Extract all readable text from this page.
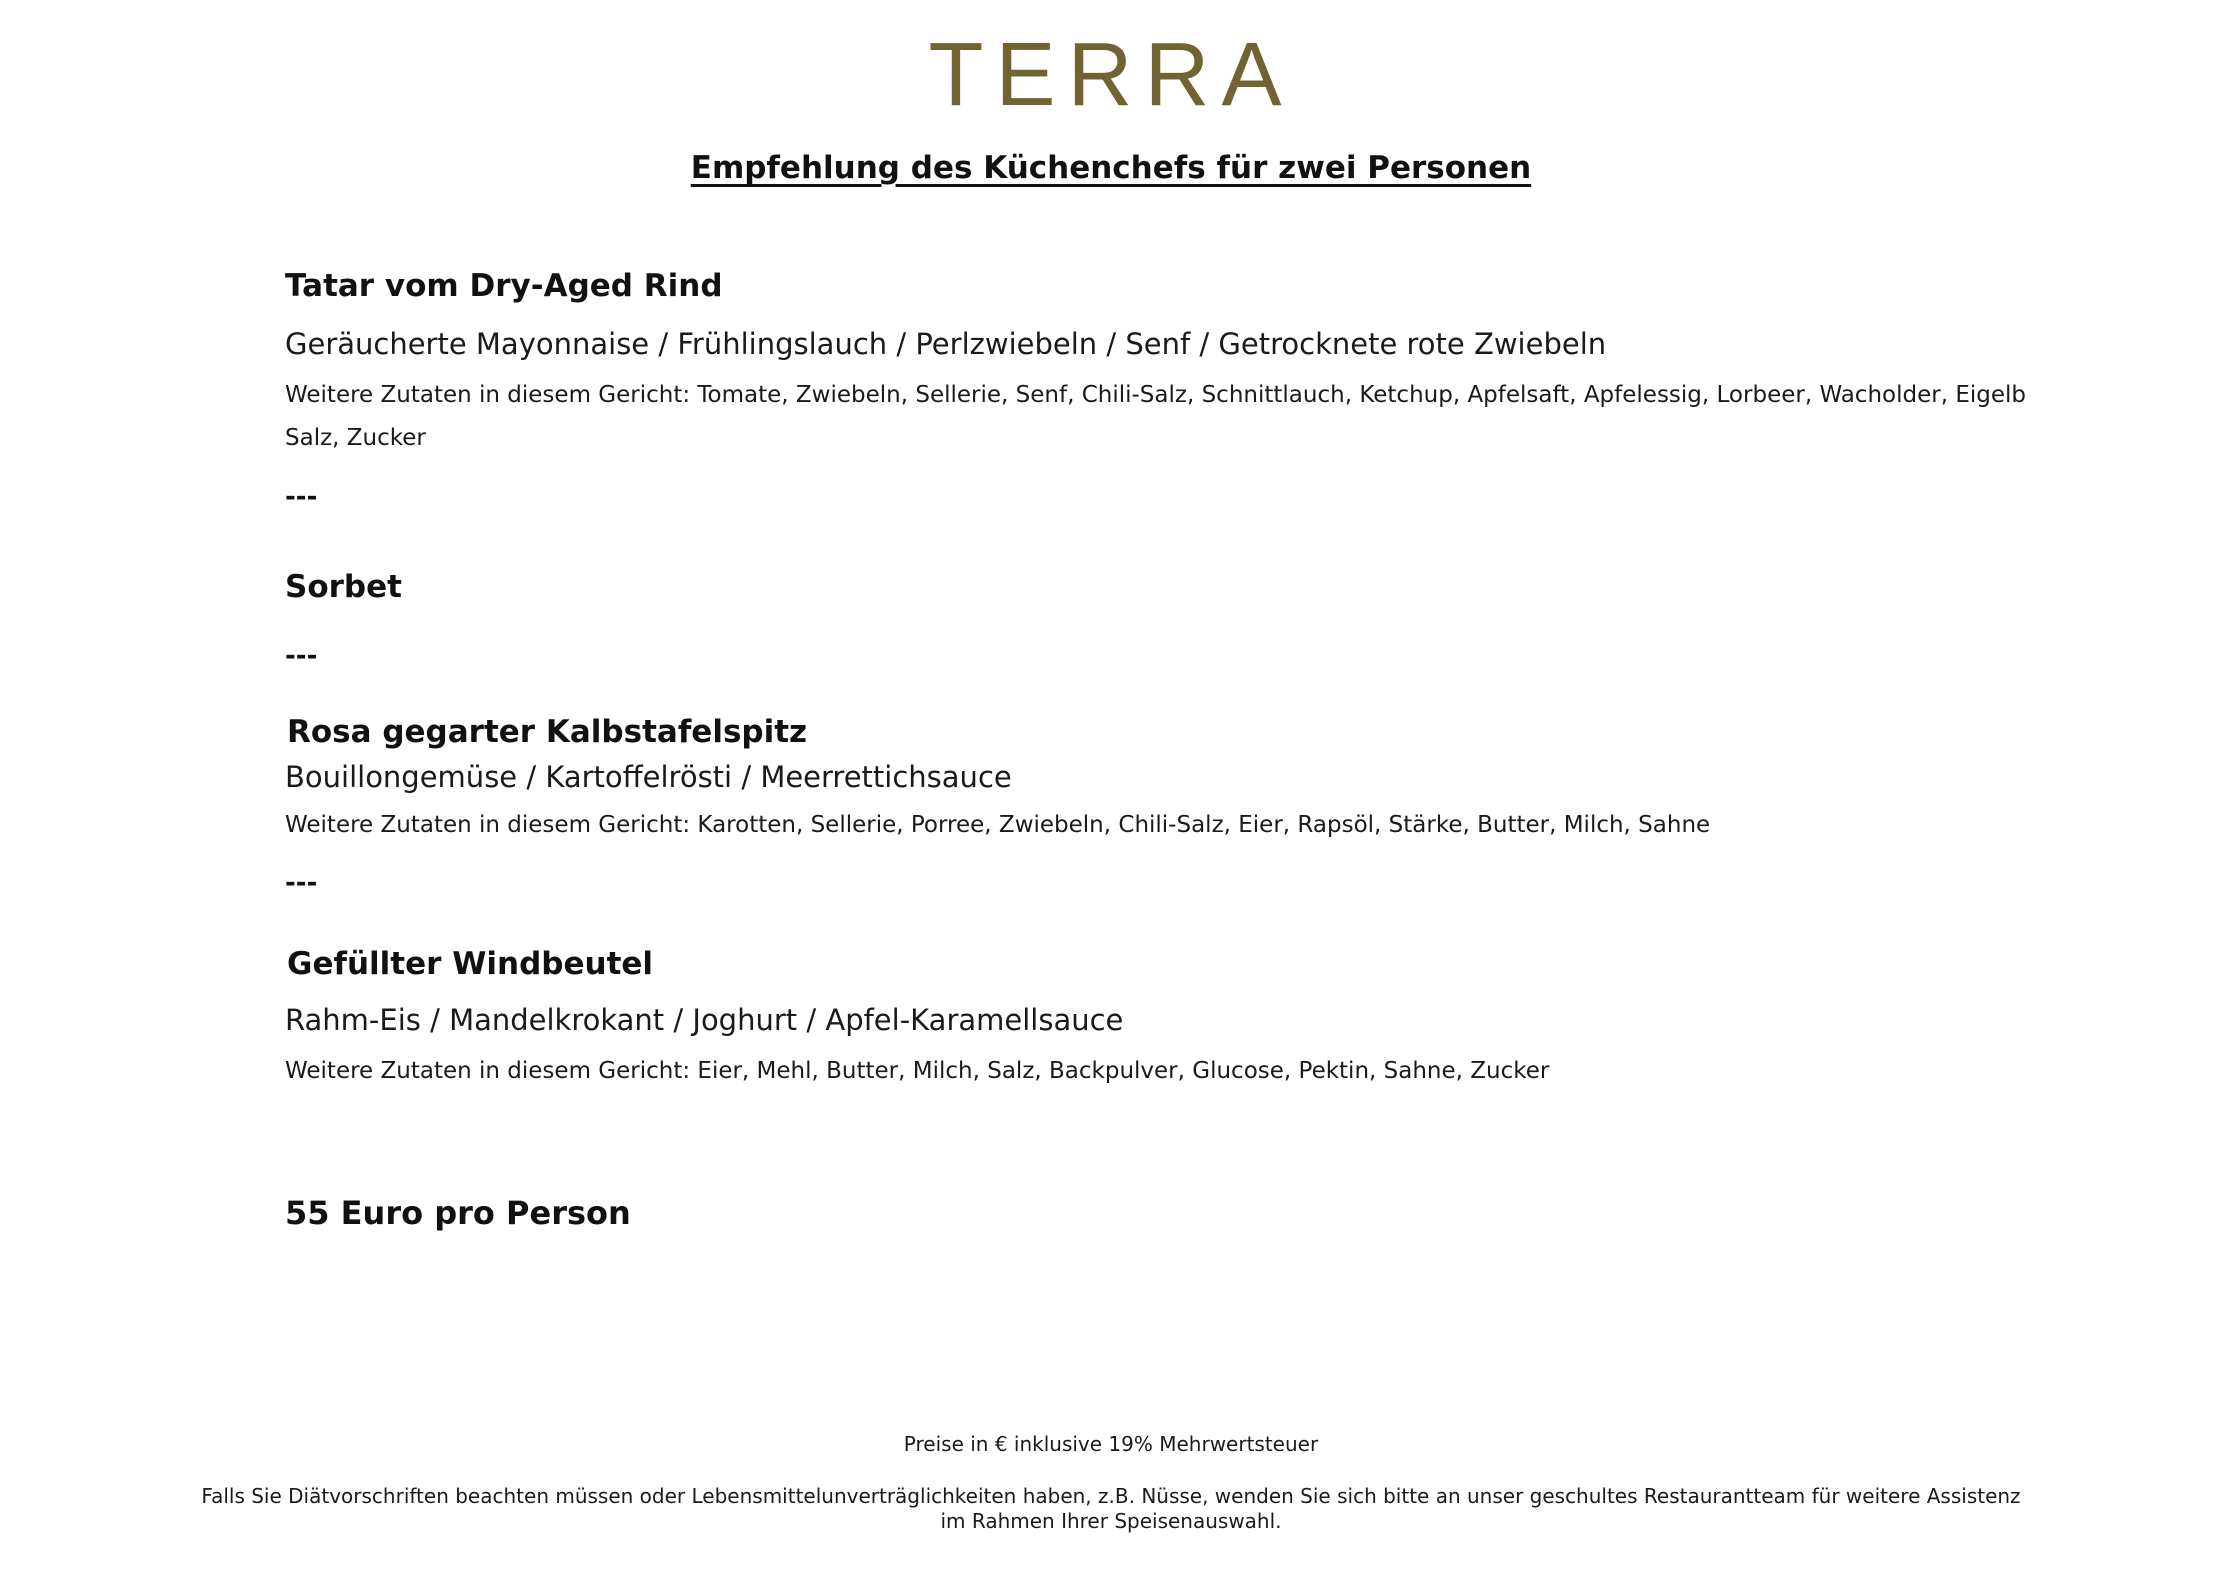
TERRA
Empfehlung des Küchenchefs für zwei Personen
Tatar vom Dry-Aged Rind
Geräucherte Mayonnaise / Frühlingslauch / Perlzwiebeln / Senf / Getrocknete rote Zwiebeln
Weitere Zutaten in diesem Gericht: Tomate, Zwiebeln, Sellerie, Senf, Chili-Salz, Schnittlauch, Ketchup, Apfelsaft, Apfelessig, Lorbeer, Wacholder, Eigelb
Salz, Zucker
---
Sorbet
---
Rosa gegarter Kalbstafelspitz
Bouillongemüse / Kartoffelrösti / Meerrettichsauce
Weitere Zutaten in diesem Gericht: Karotten, Sellerie, Porree, Zwiebeln, Chili-Salz, Eier, Rapsöl, Stärke, Butter, Milch, Sahne
---
Gefüllter Windbeutel
Rahm-Eis / Mandelkrokant / Joghurt / Apfel-Karamellsauce
Weitere Zutaten in diesem Gericht: Eier, Mehl, Butter, Milch, Salz, Backpulver, Glucose, Pektin, Sahne, Zucker
55 Euro pro Person
Preise in € inklusive 19% Mehrwertsteuer
Falls Sie Diätvorschriften beachten müssen oder Lebensmittelunverträglichkeiten haben, z.B. Nüsse, wenden Sie sich bitte an unser geschultes Restaurantteam für weitere Assistenz
im Rahmen Ihrer Speisenauswahl.
